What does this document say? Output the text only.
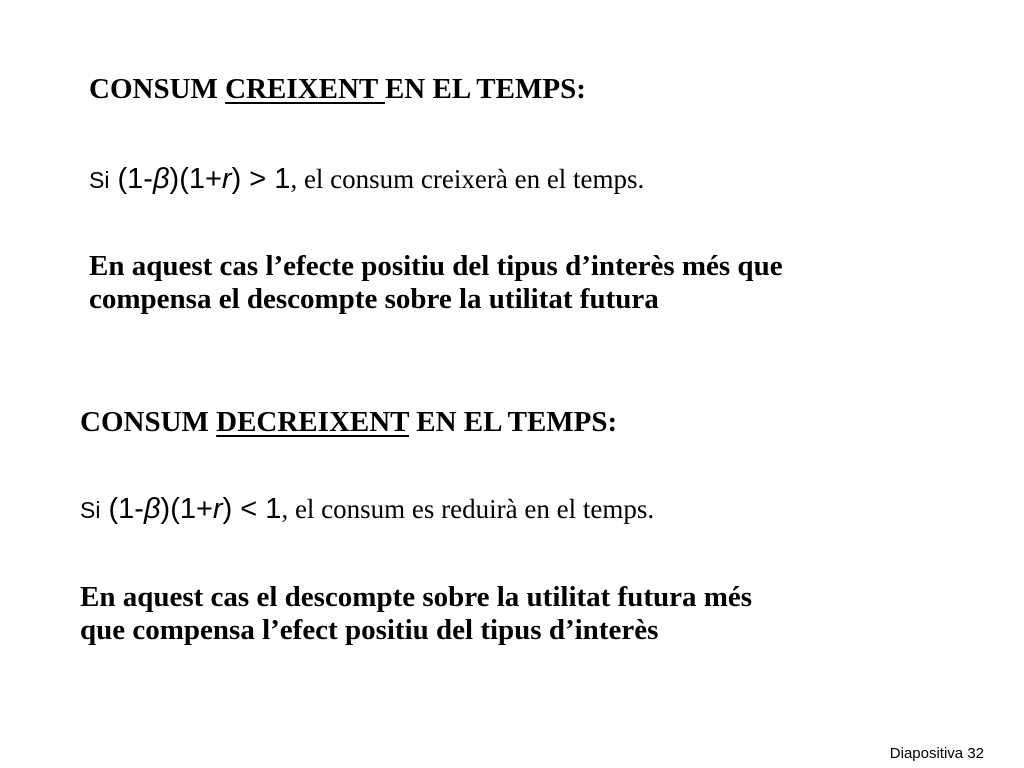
CONSUM CREIXENT EN EL TEMPS:
Si (1-β)(1+r) > 1, el consum creixerà en el temps.
En aquest cas l’efecte positiu del tipus d’interès més que
compensa el descompte sobre la utilitat futura
CONSUM DECREIXENT EN EL TEMPS:
Si (1-β)(1+r) < 1, el consum es reduirà en el temps.
En aquest cas el descompte sobre la utilitat futura més
que compensa l’efect positiu del tipus d’interès
Diapositiva 32
